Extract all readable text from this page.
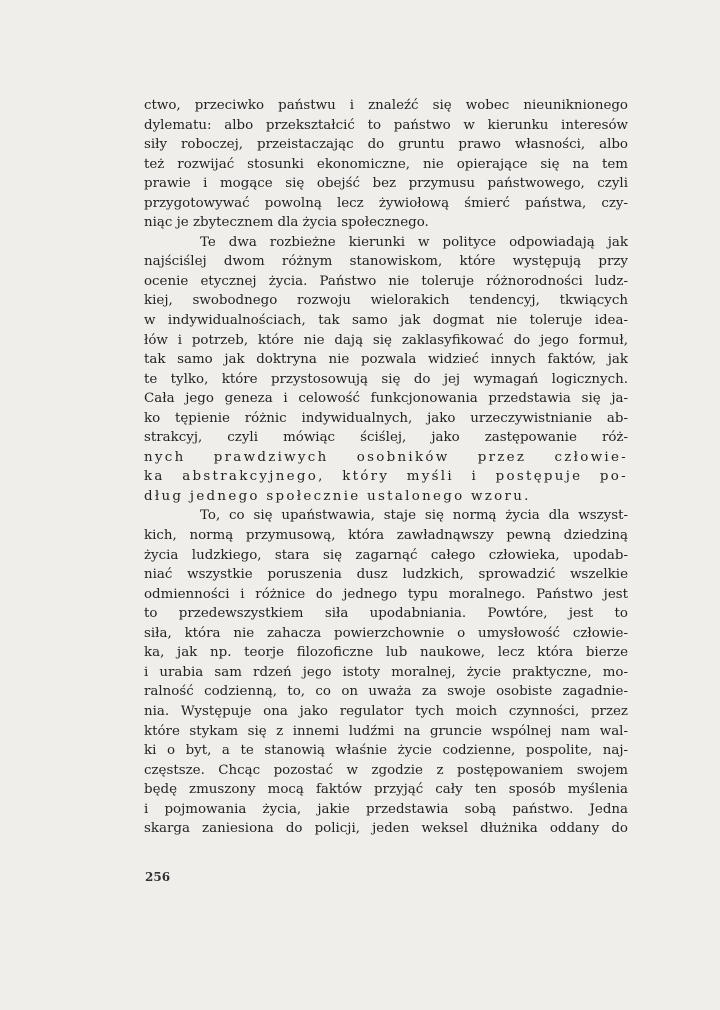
ctwo, przeciwko państwu i znaleźć się wobec nieuniknionego
dylematu: albo przekształcić to państwo w kierunku interesów
siły roboczej, przeistaczając do gruntu prawo własności, albo
też rozwijać stosunki ekonomiczne, nie opierające się na tem
prawie i mogące się obejść bez przymusu państwowego, czyli
przygotowywać powolną lecz żywiołową śmierć państwa, czy-
niąc je zbytecznem dla życia społecznego.
Te dwa rozbieżne kierunki w polityce odpowiadają jak
najściślej dwom różnym stanowiskom, które występują przy
ocenie etycznej życia. Państwo nie toleruje różnorodności ludz-
kiej, swobodnego rozwoju wielorakich tendencyj, tkwiących
w indywidualnościach, tak samo jak dogmat nie toleruje idea-
łów i potrzeb, które nie dają się zaklasyfikować do jego formuł,
tak samo jak doktryna nie pozwala widzieć innych faktów, jak
te tylko, które przystosowują się do jej wymagań logicznych.
Cała jego geneza i celowość funkcjonowania przedstawia się ja-
ko tępienie różnic indywidualnych, jako urzeczywistnianie ab-
strakcyj, czyli mówiąc ściślej, jako zastępowanie róż-
nych prawdziwych osobników przez człowie-
ka abstrakcyjnego, który myśli i postępuje po-
dług jednego społecznie ustalonego wzoru.
To, co się upaństwawia, staje się normą życia dla wszyst-
kich, normą przymusową, która zawładnąwszy pewną dziedziną
życia ludzkiego, stara się zagarnąć całego człowieka, upodab-
niać wszystkie poruszenia dusz ludzkich, sprowadzić wszelkie
odmienności i różnice do jednego typu moralnego. Państwo jest
to przedewszystkiem siła upodabniania. Powtóre, jest to
siła, która nie zahacza powierzchownie o umysłowość człowie-
ka, jak np. teorje filozoficzne lub naukowe, lecz która bierze
i urabia sam rdzeń jego istoty moralnej, życie praktyczne, mo-
ralność codzienną, to, co on uważa za swoje osobiste zagadnie-
nia. Występuje ona jako regulator tych moich czynności, przez
które stykam się z innemi ludźmi na gruncie wspólnej nam wal-
ki o byt, a te stanowią właśnie życie codzienne, pospolite, naj-
częstsze. Chcąc pozostać w zgodzie z postępowaniem swojem
będę zmuszony mocą faktów przyjąć cały ten sposób myślenia
i pojmowania życia, jakie przedstawia sobą państwo. Jedna
skarga zaniesiona do policji, jeden weksel dłużnika oddany do
256
